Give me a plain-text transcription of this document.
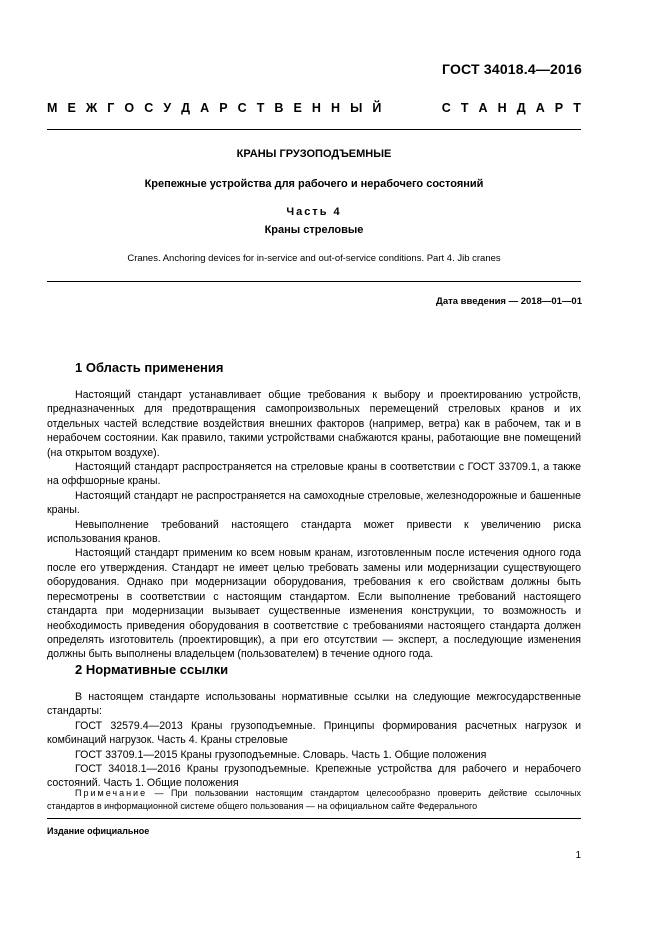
ГОСТ 34018.4—2016
М Е Ж Г О С У Д А Р С Т В Е Н Н Ы Й	С Т А Н Д А Р Т
КРАНЫ ГРУЗОПОДЪЕМНЫЕ
Крепежные устройства для рабочего и нерабочего состояний
Часть 4
Краны стреловые
Cranes. Anchoring devices for in-service and out-of-service conditions. Part 4. Jib cranes
Дата введения — 2018—01—01
1 Область применения

Настоящий стандарт устанавливает общие требования к выбору и проектированию устройств, предназначенных для предотвращения самопроизвольных перемещений стреловых кранов и их отдельных частей вследствие воздействия внешних факторов (например, ветра) как в рабочем, так и в нерабочем состоянии. Как правило, такими устройствами снабжаются краны, работающие вне помещений (на открытом воздухе).

Настоящий стандарт распространяется на стреловые краны в соответствии с ГОСТ 33709.1, а также на оффшорные краны.

Настоящий стандарт не распространяется на самоходные стреловые, железнодорожные и башенные краны.

Невыполнение требований настоящего стандарта может привести к увеличению риска использования кранов.

Настоящий стандарт применим ко всем новым кранам, изготовленным после истечения одного года после его утверждения. Стандарт не имеет целью требовать замены или модернизации существующего оборудования. Однако при модернизации оборудования, требования к его свойствам должны быть пересмотрены в соответствии с настоящим стандартом. Если выполнение требований настоящего стандарта при модернизации вызывает существенные изменения конструкции, то возможность и необходимость приведения оборудования в соответствие с требованиями настоящего стандарта должен определять изготовитель (проектировщик), а при его отсутствии — эксперт, а последующие изменения должны быть выполнены владельцем (пользователем) в течение одного года.

2 Нормативные ссылки

В настоящем стандарте использованы нормативные ссылки на следующие межгосударственные стандарты:

ГОСТ 32579.4—2013 Краны грузоподъемные. Принципы формирования расчетных нагрузок и комбинаций нагрузок. Часть 4. Краны стреловые

ГОСТ 33709.1—2015 Краны грузоподъемные. Словарь. Часть 1. Общие положения

ГОСТ 34018.1—2016 Краны грузоподъемные. Крепежные устройства для рабочего и нерабочего состояний. Часть 1. Общие положения

Примечание — При пользовании настоящим стандартом целесообразно проверить действие ссылочных стандартов в информационной системе общего пользования — на официальном сайте Федерального

Издание официальное
1
